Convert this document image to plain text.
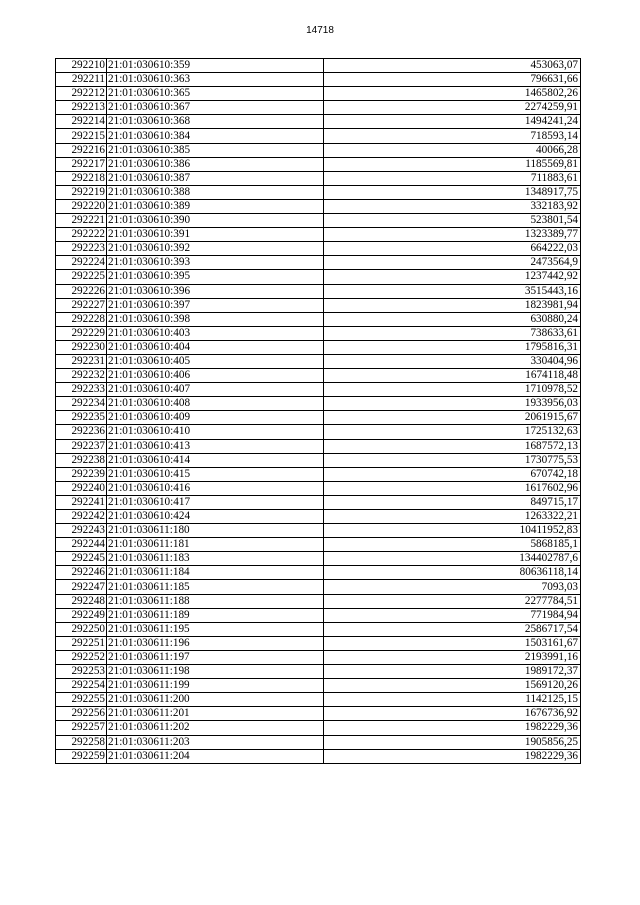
14718
292210	21:01:030610:359	453063,07
292211	21:01:030610:363	796631,66
292212	21:01:030610:365	1465802,26
292213	21:01:030610:367	2274259,91
292214	21:01:030610:368	1494241,24
292215	21:01:030610:384	718593,14
292216	21:01:030610:385	40066,28
292217	21:01:030610:386	1185569,81
292218	21:01:030610:387	711883,61
292219	21:01:030610:388	1348917,75
292220	21:01:030610:389	332183,92
292221	21:01:030610:390	523801,54
292222	21:01:030610:391	1323389,77
292223	21:01:030610:392	664222,03
292224	21:01:030610:393	2473564,9
292225	21:01:030610:395	1237442,92
292226	21:01:030610:396	3515443,16
292227	21:01:030610:397	1823981,94
292228	21:01:030610:398	630880,24
292229	21:01:030610:403	738633,61
292230	21:01:030610:404	1795816,31
292231	21:01:030610:405	330404,96
292232	21:01:030610:406	1674118,48
292233	21:01:030610:407	1710978,52
292234	21:01:030610:408	1933956,03
292235	21:01:030610:409	2061915,67
292236	21:01:030610:410	1725132,63
292237	21:01:030610:413	1687572,13
292238	21:01:030610:414	1730775,53
292239	21:01:030610:415	670742,18
292240	21:01:030610:416	1617602,96
292241	21:01:030610:417	849715,17
292242	21:01:030610:424	1263322,21
292243	21:01:030611:180	10411952,83
292244	21:01:030611:181	5868185,1
292245	21:01:030611:183	134402787,6
292246	21:01:030611:184	80636118,14
292247	21:01:030611:185	7093,03
292248	21:01:030611:188	2277784,51
292249	21:01:030611:189	771984,94
292250	21:01:030611:195	2586717,54
292251	21:01:030611:196	1503161,67
292252	21:01:030611:197	2193991,16
292253	21:01:030611:198	1989172,37
292254	21:01:030611:199	1569120,26
292255	21:01:030611:200	1142125,15
292256	21:01:030611:201	1676736,92
292257	21:01:030611:202	1982229,36
292258	21:01:030611:203	1905856,25
292259	21:01:030611:204	1982229,36
